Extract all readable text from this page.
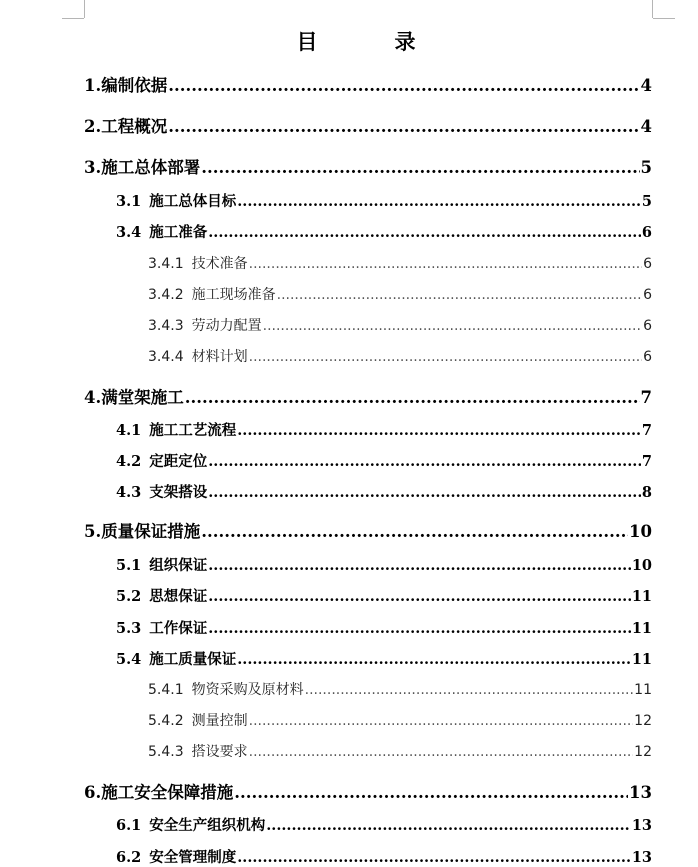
目　录
1. 编制依据 .....	4
2. 工程概况 .....	4
3. 施工总体部署 .....	5
3.1 施工总体目标 .....	5
3.4 施工准备 .....	6
3.4.1 技术准备 .....	6
3.4.2 施工现场准备 .....	6
3.4.3 劳动力配置 .....	6
3.4.4 材料计划 .....	6
4. 满堂架施工 .....	7
4.1 施工工艺流程 .....	7
4.2 定距定位 .....	7
4.3 支架搭设 .....	8
5. 质量保证措施 .....	10
5.1 组织保证 .....	10
5.2 思想保证 .....	11
5.3 工作保证 .....	11
5.4 施工质量保证 .....	11
5.4.1 物资采购及原材料 .....	11
5.4.2 测量控制 .....	12
5.4.3 搭设要求 .....	12
6. 施工安全保障措施 .....	13
6.1 安全生产组织机构 .....	13
6.2 安全管理制度 .....	13
